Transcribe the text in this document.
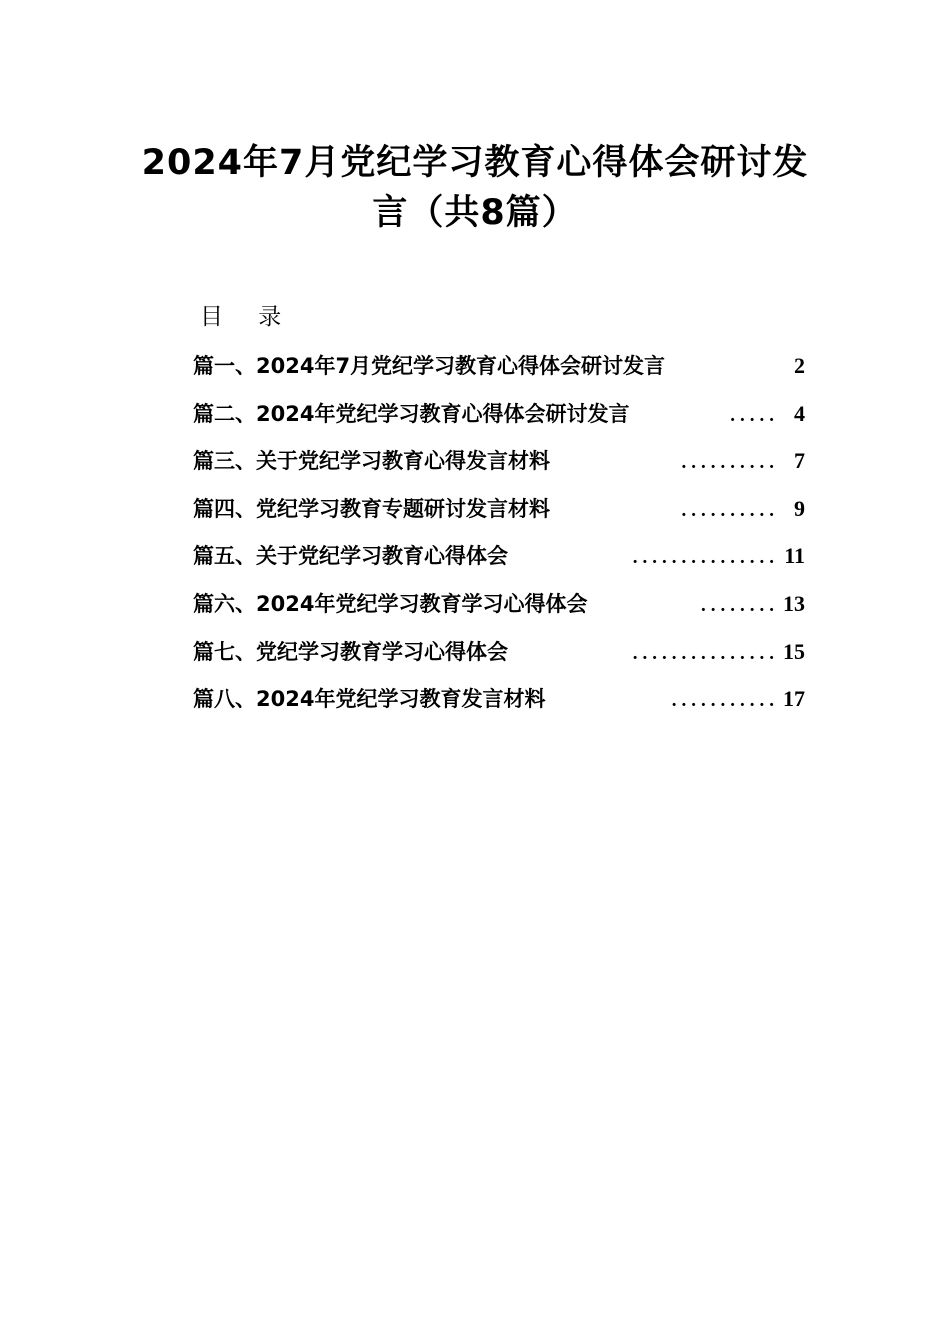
2024年7月党纪学习教育心得体会研讨发
言（共8篇）
目 录
篇一、2024年7月党纪学习教育心得体会研讨发言	2
篇二、2024年党纪学习教育心得体会研讨发言	..... 4
篇三、关于党纪学习教育心得发言材料	.......... 7
篇四、党纪学习教育专题研讨发言材料	.......... 9
篇五、关于党纪学习教育心得体会	............... 11
篇六、2024年党纪学习教育学习心得体会	........ 13
篇七、党纪学习教育学习心得体会	............... 15
篇八、2024年党纪学习教育发言材料	........... 17
